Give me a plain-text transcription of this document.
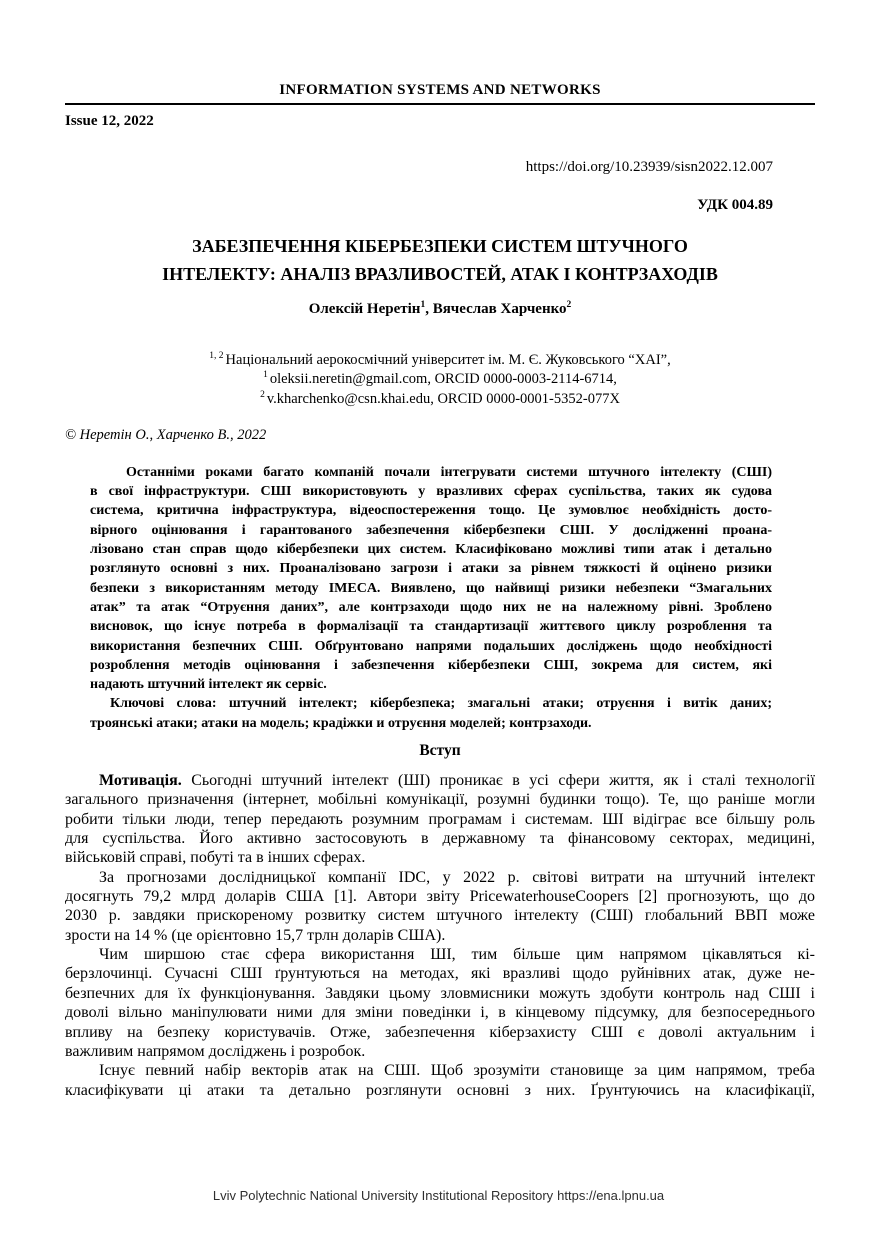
INFORMATION SYSTEMS AND NETWORKS
Issue 12, 2022
https://doi.org/10.23939/sisn2022.12.007
УДК 004.89
ЗАБЕЗПЕЧЕННЯ КІБЕРБЕЗПЕКИ СИСТЕМ ШТУЧНОГО
ІНТЕЛЕКТУ: АНАЛІЗ ВРАЗЛИВОСТЕЙ, АТАК І КОНТРЗАХОДІВ
Олексій Неретін$^1$, Вячеслав Харченко$^2$
$^{1, 2}$ Національний аерокосмічний університет ім. М. Є. Жуковського “ХАІ”,
$^1$ oleksii.neretin@gmail.com, ORCID 0000-0003-2114-6714,
$^2$ v.kharchenko@csn.khai.edu, ORCID 0000-0001-5352-077X
© Неретін О., Харченко В., 2022
Останніми роками багато компаній почали інтегрувати системи штучного інтелекту (СШІ)
в свої інфраструктури. СШІ використовують у вразливих сферах суспільства, таких як судова
система, критична інфраструктура, відеоспостереження тощо. Це зумовлює необхідність досто-
вірного оцінювання і гарантованого забезпечення кібербезпеки СШІ. У дослідженні проана-
лізовано стан справ щодо кібербезпеки цих систем. Класифіковано можливі типи атак і детально
розглянуто основні з них. Проаналізовано загрози і атаки за рівнем тяжкості й оцінено ризики
безпеки з використанням методу IMECA. Виявлено, що найвищі ризики небезпеки “Змагальних
атак” та атак “Отруєння даних”, але контрзаходи щодо них не на належному рівні. Зроблено
висновок, що існує потреба в формалізації та стандартизації життєвого циклу розроблення та
використання безпечних СШІ. Обґрунтовано напрями подальших досліджень щодо необхідності
розроблення методів оцінювання і забезпечення кібербезпеки СШІ, зокрема для систем, які
надають штучний інтелект як сервіс.
Ключові слова: штучний інтелект; кібербезпека; змагальні атаки; отруєння і витік даних;
троянські атаки; атаки на модель; крадіжки и отруєння моделей; контрзаходи.
Вступ
Мотивація. Сьогодні штучний інтелект (ШІ) проникає в усі сфери життя, як і сталі технології
загального призначення (інтернет, мобільні комунікації, розумні будинки тощо). Те, що раніше могли
робити тільки люди, тепер передають розумним програмам і системам. ШІ відіграє все більшу роль
для суспільства. Його активно застосовують в державному та фінансовому секторах, медицині,
військовій справі, побуті та в інших сферах.
За прогнозами дослідницької компанії IDC, у 2022 р. світові витрати на штучний інтелект
досягнуть 79,2 млрд доларів США [1]. Автори звіту PricewaterhouseCoopers [2] прогнозують, що до
2030 р. завдяки прискореному розвитку систем штучного інтелекту (СШІ) глобальний ВВП може
зрости на 14 % (це орієнтовно 15,7 трлн доларів США).
Чим ширшою стає сфера використання ШІ, тим більше цим напрямом цікавляться кі-
берзлочинці. Сучасні СШІ ґрунтуються на методах, які вразливі щодо руйнівних атак, дуже не-
безпечних для їх функціонування. Завдяки цьому зловмисники можуть здобути контроль над СШІ і
доволі вільно маніпулювати ними для зміни поведінки і, в кінцевому підсумку, для безпосереднього
впливу на безпеку користувачів. Отже, забезпечення кіберзахисту СШІ є доволі актуальним і
важливим напрямом досліджень і розробок.
Існує певний набір векторів атак на СШІ. Щоб зрозуміти становище за цим напрямом, треба
класифікувати ці атаки та детально розглянути основні з них. Ґрунтуючись на класифікації,
Lviv Polytechnic National University Institutional Repository https://ena.lpnu.ua
